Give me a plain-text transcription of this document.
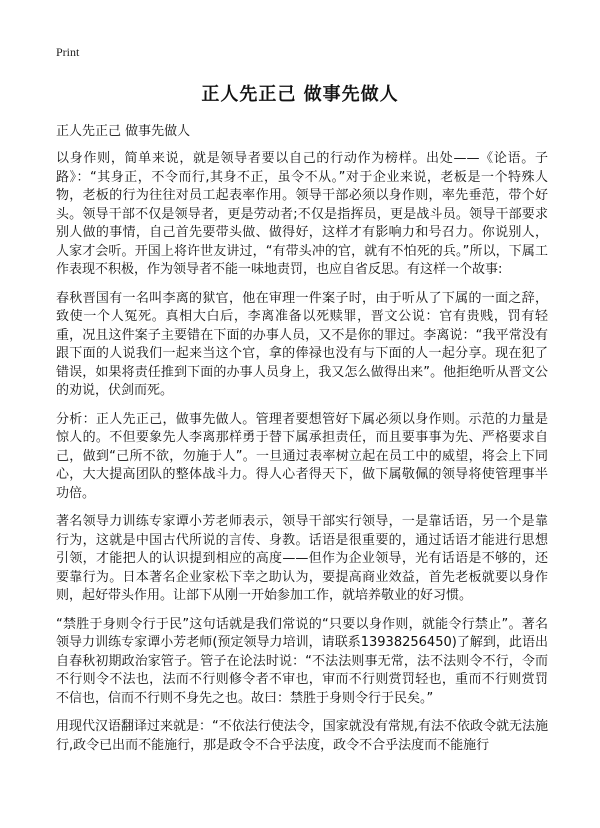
Print
正人先正己 做事先做人
正人先正己 做事先做人

以身作则，简单来说，就是领导者要以自己的行动作为榜样。出处——《论语。子路》：“其身正，不令而行,其身不正，虽令不从。”对于企业来说，老板是一个特殊人物，老板的行为往往对员工起表率作用。领导干部必须以身作则，率先垂范，带个好头。领导干部不仅是领导者，更是劳动者;不仅是指挥员，更是战斗员。领导干部要求别人做的事情，自己首先要带头做、做得好，这样才有影响力和号召力。你说别人，人家才会听。开国上将许世友讲过，“有带头冲的官，就有不怕死的兵。”所以，下属工作表现不积极，作为领导者不能一味地责罚，也应自省反思。有这样一个故事:

春秋晋国有一名叫李离的狱官，他在审理一件案子时，由于听从了下属的一面之辞，致使一个人冤死。真相大白后，李离准备以死赎罪，晋文公说：官有贵贱，罚有轻重，况且这件案子主要错在下面的办事人员，又不是你的罪过。李离说：“我平常没有跟下面的人说我们一起来当这个官，拿的俸禄也没有与下面的人一起分享。现在犯了错误，如果将责任推到下面的办事人员身上，我又怎么做得出来”。他拒绝听从晋文公的劝说，伏剑而死。

分析：正人先正己，做事先做人。管理者要想管好下属必须以身作则。示范的力量是惊人的。不但要象先人李离那样勇于替下属承担责任，而且要事事为先、严格要求自己，做到“己所不欲，勿施于人”。一旦通过表率树立起在员工中的威望，将会上下同心，大大提高团队的整体战斗力。得人心者得天下，做下属敬佩的领导将使管理事半功倍。

著名领导力训练专家谭小芳老师表示，领导干部实行领导，一是靠话语，另一个是靠行为，这就是中国古代所说的言传、身教。话语是很重要的，通过话语才能进行思想引领，才能把人的认识提到相应的高度——但作为企业领导，光有话语是不够的，还要靠行为。日本著名企业家松下幸之助认为，要提高商业效益，首先老板就要以身作则，起好带头作用。让部下从刚一开始参加工作，就培养敬业的好习惯。

“禁胜于身则令行于民”这句话就是我们常说的“只要以身作则，就能令行禁止”。著名领导力训练专家谭小芳老师(预定领导力培训，请联系13938256450)了解到，此语出自春秋初期政治家管子。管子在论法时说：“不法法则事无常，法不法则令不行，令而不行则令不法也，法而不行则修令者不审也，审而不行则赏罚轻也，重而不行则赏罚不信也，信而不行则不身先之也。故曰：禁胜于身则令行于民矣。”

用现代汉语翻译过来就是：“不依法行使法令，国家就没有常规,有法不依政令就无法施行,政令已出而不能施行，那是政令不合乎法度，政令不合乎法度而不能施行
